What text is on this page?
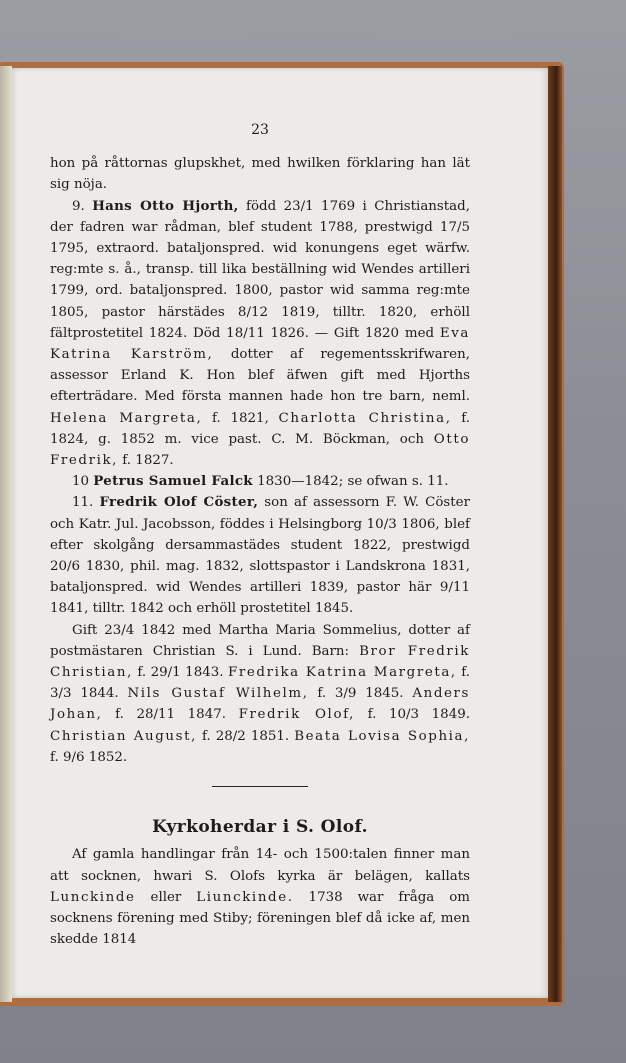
23

hon på råttornas glupskhet, med hwilken förklaring han lät sig nöja.

9. Hans Otto Hjorth, född 23/1 1769 i Christianstad, der fadren war rådman, blef student 1788, prestwigd 17/5 1795, extraord. bataljonspred. wid konungens eget wärfw. reg:mte s. å., transp. till lika beställning wid Wendes artilleri 1799, ord. bataljonspred. 1800, pastor wid samma reg:mte 1805, pastor härstädes 8/12 1819, tilltr. 1820, erhöll fältprostetitel 1824. Död 18/11 1826. — Gift 1820 med Eva Katrina Karström, dotter af regementsskrifwaren, assessor Erland K. Hon blef äfwen gift med Hjorths efterträdare. Med första mannen hade hon tre barn, neml. Helena Margreta, f. 1821, Charlotta Christina, f. 1824, g. 1852 m. vice past. C. M. Böckman, och Otto Fredrik, f. 1827.

10 Petrus Samuel Falck 1830—1842; se ofwan s. 11.

11. Fredrik Olof Cöster, son af assessorn F. W. Cöster och Katr. Jul. Jacobsson, föddes i Helsingborg 10/3 1806, blef efter skolgång dersammastädes student 1822, prestwigd 20/6 1830, phil. mag. 1832, slottspastor i Landskrona 1831, bataljonspred. wid Wendes artilleri 1839, pastor här 9/11 1841, tilltr. 1842 och erhöll prostetitel 1845.

Gift 23/4 1842 med Martha Maria Sommelius, dotter af postmästaren Christian S. i Lund. Barn: Bror Fredrik Christian, f. 29/1 1843. Fredrika Katrina Margreta, f. 3/3 1844. Nils Gustaf Wilhelm, f. 3/9 1845. Anders Johan, f. 28/11 1847. Fredrik Olof, f. 10/3 1849. Christian August, f. 28/2 1851. Beata Lovisa Sophia, f. 9/6 1852.

Kyrkoherdar i S. Olof.

Af gamla handlingar från 14- och 1500:talen finner man att socknen, hwari S. Olofs kyrka är belägen, kallats Lunckinde eller Liunckinde. 1738 war fråga om socknens förening med Stiby; föreningen blef då icke af, men skedde 1814
